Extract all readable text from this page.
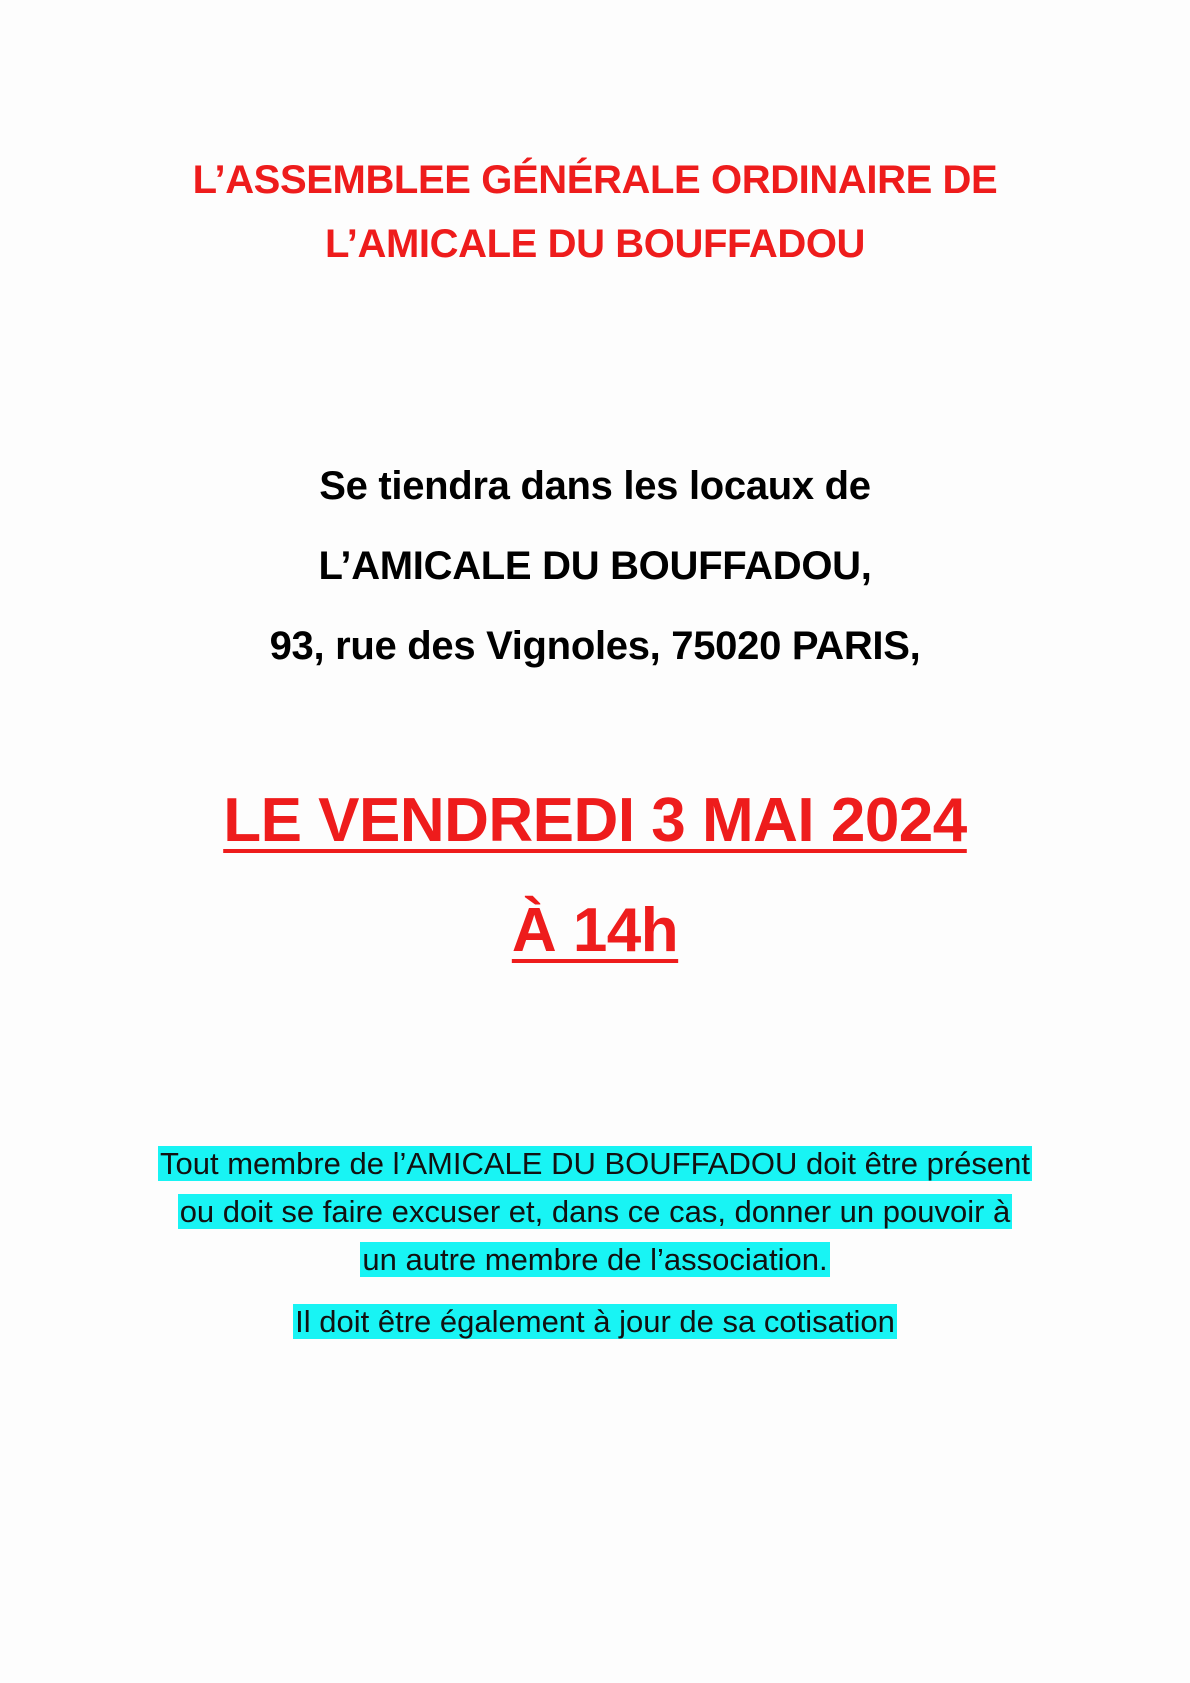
L’ASSEMBLEE GÉNÉRALE ORDINAIRE DE
L’AMICALE DU BOUFFADOU
Se tiendra dans les locaux de
L’AMICALE DU BOUFFADOU,
93, rue des Vignoles, 75020 PARIS,
LE VENDREDI 3 MAI 2024
À 14h
Tout membre de l’AMICALE DU BOUFFADOU doit être présent
ou doit se faire excuser et, dans ce cas, donner un pouvoir à
un autre membre de l’association.
Il doit être également à jour de sa cotisation
